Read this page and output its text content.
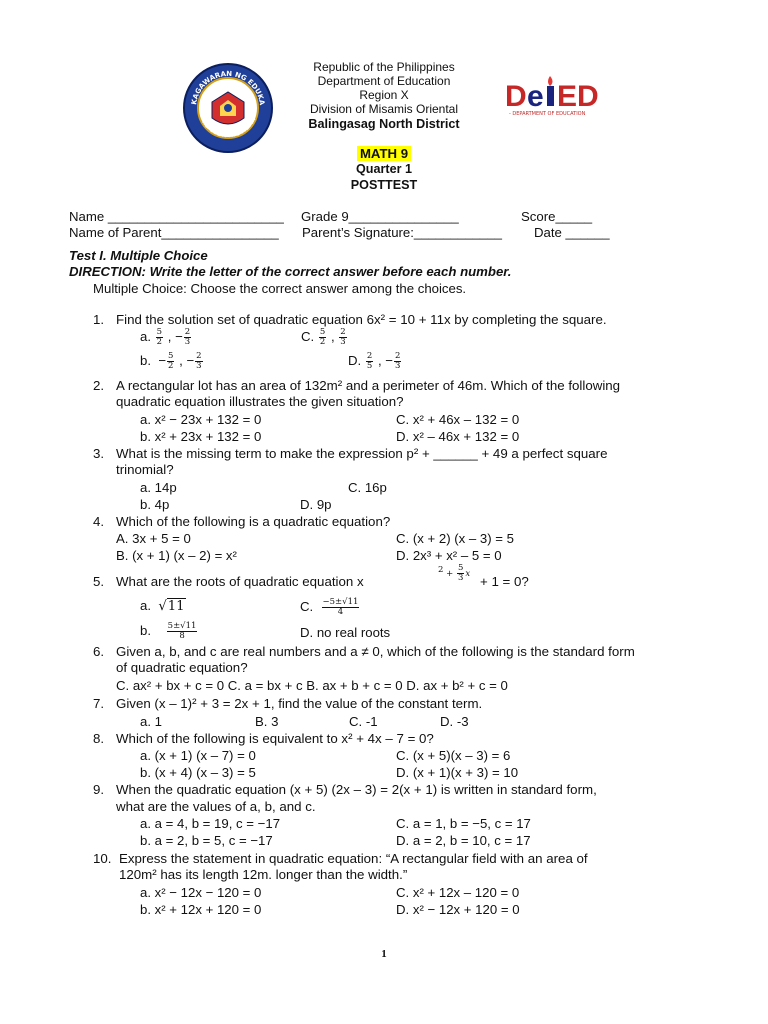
KAGAWARAN NG EDUKA
REPUBLIKA NG PILIPIN
Republic of the Philippines
Department of Education
Region X
Division of Misamis Oriental
Balingasag North District
D e ED
- DEPARTMENT OF EDUCATION
MATH 9
Quarter 1
POSTTEST
Name ________________________ Grade 9_______________	Score_____
Name of Parent________________ Parent’s Signature:____________ Date ______
Test I. Multiple Choice
DIRECTION: Write the letter of the correct answer before each number.
Multiple Choice: Choose the correct answer among the choices.
1. Find the solution set of quadratic equation 6x² = 10 + 11x by completing the square.
a. $\frac{5}{2}$ , − $\frac{2}{3}$	C. $\frac{5}{2}$ , $\frac{2}{3}$
b.  − $\frac{5}{2}$ , − $\frac{2}{3}$	D. $\frac{2}{5}$ , − $\frac{2}{3}$
2. A rectangular lot has an area of 132m² and a perimeter of 46m. Which of the following
quadratic equation illustrates the given situation?
a. x² − 23x + 132 = 0	C. x² + 46x – 132 = 0
b. x² + 23x + 132 = 0	D. x² – 46x + 132 = 0
3. What is the missing term to make the expression p² + ______ + 49 a perfect square
trinomial?
a. 14p	C. 16p
b. 4p	D. 9p
4. Which of the following is a quadratic equation?
A. 3x + 5 = 0	C. (x + 2) (x – 3) = 5
B. (x + 1) (x – 2) = x²	D. 2x³ + x² – 5 = 0
5. What are the roots of quadratic equation x
$2 + \frac{5}{3}$ x + 1 = 0?
a.  √11	C. $\frac{-5\pm√11}{4}$
b. $\frac{5\pm√11}{8}$	D. no real roots
6. Given a, b, and c are real numbers and a ≠ 0, which of the following is the standard form
of quadratic equation?
C. ax² + bx + c = 0 C. a = bx + c B. ax + b + c = 0 D. ax + b² + c = 0
7. Given (x – 1)² + 3 = 2x + 1, find the value of the constant term.
a. 1	B. 3	C. -1	D. -3
8. Which of the following is equivalent to x² + 4x – 7 = 0?
a. (x + 1) (x – 7) = 0	C. (x + 5)(x – 3) = 6
b. (x + 4) (x – 3) = 5	D. (x + 1)(x + 3) = 10
9. When the quadratic equation (x + 5) (2x – 3) = 2(x + 1) is written in standard form,
what are the values of a, b, and c.
a. a = 4, b = 19, c = −17	C. a = 1, b = −5, c = 17
b. a = 2, b = 5, c = −17	D. a = 2, b = 10, c = 17
10. Express the statement in quadratic equation: “A rectangular field with an area of
120m² has its length 12m. longer than the width.”
a. x² − 12x − 120 = 0	C. x² + 12x – 120 = 0
b. x² + 12x + 120 = 0	D. x² − 12x + 120 = 0
1
